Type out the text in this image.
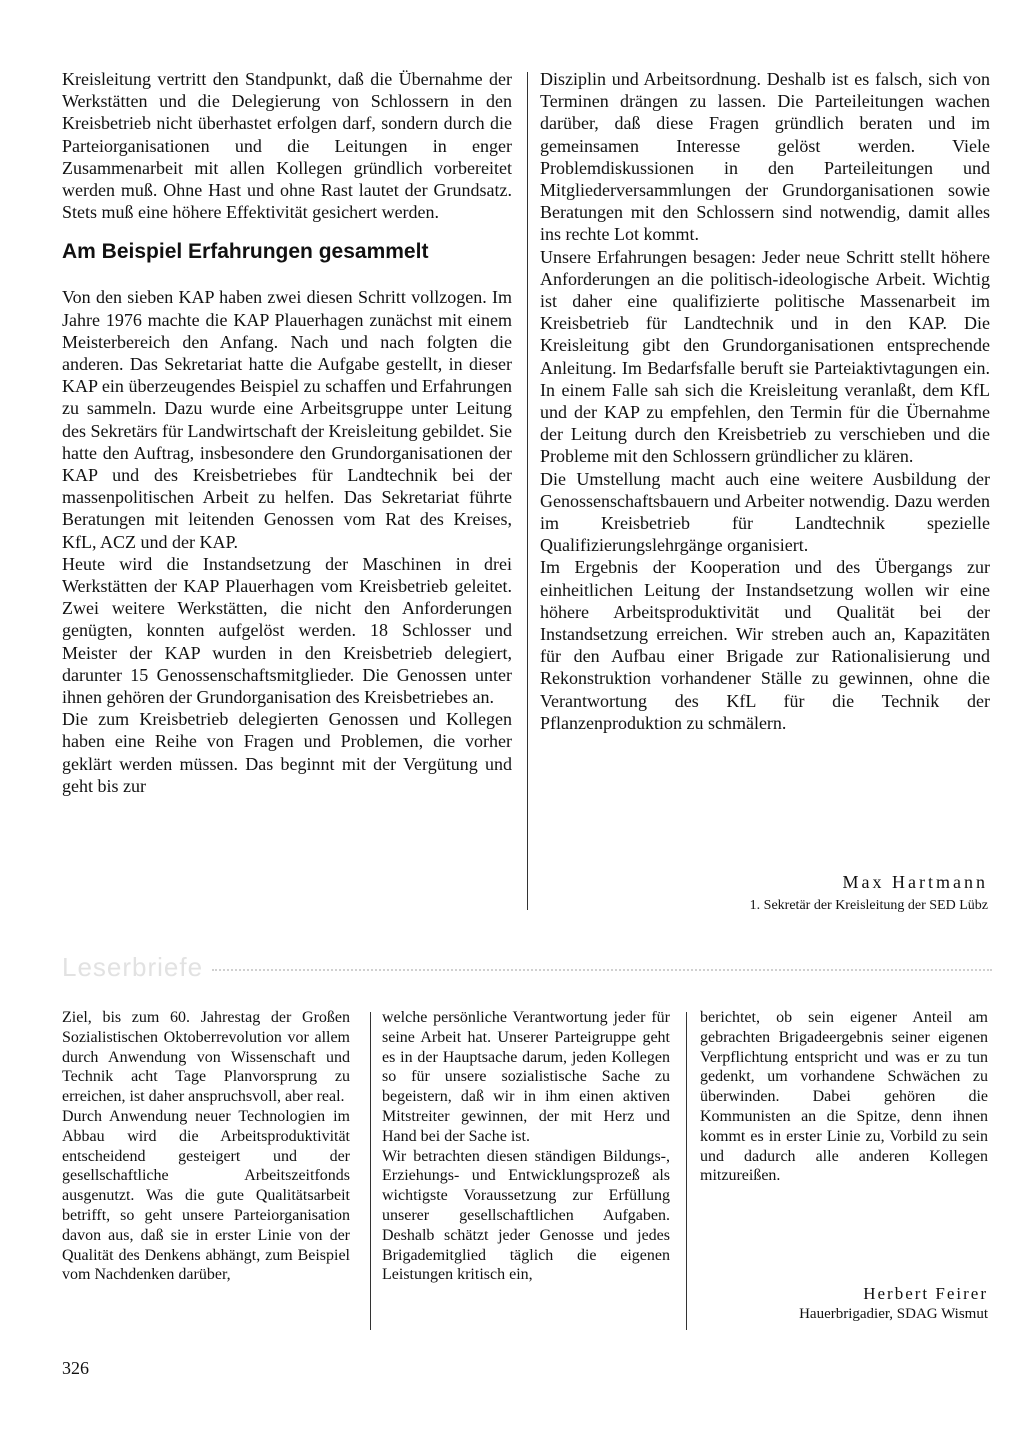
Kreisleitung vertritt den Standpunkt, daß die Übernahme der Werkstätten und die Delegierung von Schlossern in den Kreisbetrieb nicht überhastet erfolgen darf, sondern durch die Parteiorganisationen und die Leitungen in enger Zusammenarbeit mit allen Kollegen gründlich vorbereitet werden muß. Ohne Hast und ohne Rast lautet der Grundsatz. Stets muß eine höhere Effektivität gesichert werden.

Am Beispiel Erfahrungen gesammelt

Von den sieben KAP haben zwei diesen Schritt vollzogen. Im Jahre 1976 machte die KAP Plauerhagen zunächst mit einem Meisterbereich den Anfang. Nach und nach folgten die anderen. Das Sekretariat hatte die Aufgabe gestellt, in dieser KAP ein überzeugendes Beispiel zu schaffen und Erfahrungen zu sammeln. Dazu wurde eine Arbeitsgruppe unter Leitung des Sekretärs für Landwirtschaft der Kreisleitung gebildet. Sie hatte den Auftrag, insbesondere den Grundorganisationen der KAP und des Kreisbetriebes für Landtechnik bei der massenpolitischen Arbeit zu helfen. Das Sekretariat führte Beratungen mit leitenden Genossen vom Rat des Kreises, KfL, ACZ und der KAP.

Heute wird die Instandsetzung der Maschinen in drei Werkstätten der KAP Plauerhagen vom Kreisbetrieb geleitet. Zwei weitere Werkstätten, die nicht den Anforderungen genügten, konnten aufgelöst werden. 18 Schlosser und Meister der KAP wurden in den Kreisbetrieb delegiert, darunter 15 Genossenschaftsmitglieder. Die Genossen unter ihnen gehören der Grundorganisation des Kreisbetriebes an.

Die zum Kreisbetrieb delegierten Genossen und Kollegen haben eine Reihe von Fragen und Problemen, die vorher geklärt werden müssen. Das beginnt mit der Vergütung und geht bis zur

Disziplin und Arbeitsordnung. Deshalb ist es falsch, sich von Terminen drängen zu lassen. Die Parteileitungen wachen darüber, daß diese Fragen gründlich beraten und im gemeinsamen Interesse gelöst werden. Viele Problemdiskussionen in den Parteileitungen und Mitgliederversammlungen der Grundorganisationen sowie Beratungen mit den Schlossern sind notwendig, damit alles ins rechte Lot kommt.

Unsere Erfahrungen besagen: Jeder neue Schritt stellt höhere Anforderungen an die politisch-ideologische Arbeit. Wichtig ist daher eine qualifizierte politische Massenarbeit im Kreisbetrieb für Landtechnik und in den KAP. Die Kreisleitung gibt den Grundorganisationen entsprechende Anleitung. Im Bedarfsfalle beruft sie Parteiaktivtagungen ein. In einem Falle sah sich die Kreisleitung veranlaßt, dem KfL und der KAP zu empfehlen, den Termin für die Übernahme der Leitung durch den Kreisbetrieb zu verschieben und die Probleme mit den Schlossern gründlicher zu klären.

Die Umstellung macht auch eine weitere Ausbildung der Genossenschaftsbauern und Arbeiter notwendig. Dazu werden im Kreisbetrieb für Landtechnik spezielle Qualifizierungslehrgänge organisiert.

Im Ergebnis der Kooperation und des Übergangs zur einheitlichen Leitung der Instandsetzung wollen wir eine höhere Arbeitsproduktivität und Qualität bei der Instandsetzung erreichen. Wir streben auch an, Kapazitäten für den Aufbau einer Brigade zur Rationalisierung und Rekonstruktion vorhandener Ställe zu gewinnen, ohne die Verantwortung des KfL für die Technik der Pflanzenproduktion zu schmälern.

Max Hartmann
1. Sekretär der Kreisleitung der SED Lübz
Leserbriefe

Ziel, bis zum 60. Jahrestag der Großen Sozialistischen Oktoberrevolution vor allem durch Anwendung von Wissenschaft und Technik acht Tage Planvorsprung zu erreichen, ist daher anspruchsvoll, aber real.

Durch Anwendung neuer Technologien im Abbau wird die Arbeitsproduktivität entscheidend gesteigert und der gesellschaftliche Arbeitszeitfonds ausgenutzt. Was die gute Qualitätsarbeit betrifft, so geht unsere Parteiorganisation davon aus, daß sie in erster Linie von der Qualität des Denkens abhängt, zum Beispiel vom Nachdenken darüber,

welche persönliche Verantwortung jeder für seine Arbeit hat. Unserer Parteigruppe geht es in der Hauptsache darum, jeden Kollegen so für unsere sozialistische Sache zu begeistern, daß wir in ihm einen aktiven Mitstreiter gewinnen, der mit Herz und Hand bei der Sache ist.

Wir betrachten diesen ständigen Bildungs-, Erziehungs- und Entwicklungsprozeß als wichtigste Voraussetzung zur Erfüllung unserer gesellschaftlichen Aufgaben. Deshalb schätzt jeder Genosse und jedes Brigademitglied täglich die eigenen Leistungen kritisch ein,

berichtet, ob sein eigener Anteil am gebrachten Brigadeergebnis seiner eigenen Verpflichtung entspricht und was er zu tun gedenkt, um vorhandene Schwächen zu überwinden. Dabei gehören die Kommunisten an die Spitze, denn ihnen kommt es in erster Linie zu, Vorbild zu sein und dadurch alle anderen Kollegen mitzureißen.

Herbert Feirer
Hauerbrigadier, SDAG Wismut
326
